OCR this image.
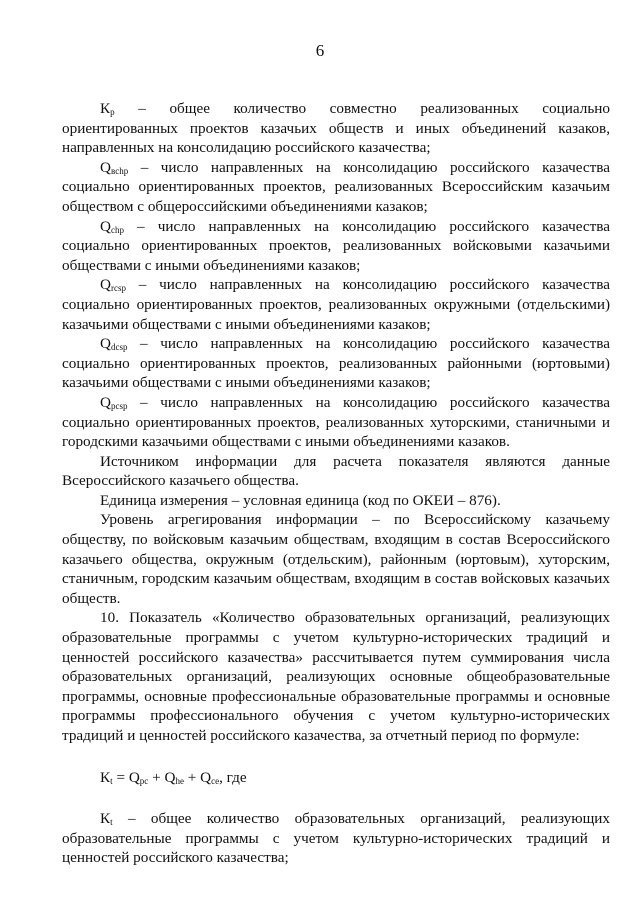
6

$К_р$ – общее количество совместно реализованных социально ориентированных проектов казачьих обществ и иных объединений казаков, направленных на консолидацию российского казачества;

$Q_{вchp}$ – число направленных на консолидацию российского казачества социально ориентированных проектов, реализованных Всероссийским казачьим обществом с общероссийскими объединениями казаков;

$Q_{chp}$ – число направленных на консолидацию российского казачества социально ориентированных проектов, реализованных войсковыми казачьими обществами с иными объединениями казаков;

$Q_{rcsp}$ – число направленных на консолидацию российского казачества социально ориентированных проектов, реализованных окружными (отдельскими) казачьими обществами с иными объединениями казаков;

$Q_{dcsp}$ – число направленных на консолидацию российского казачества социально ориентированных проектов, реализованных районными (юртовыми) казачьими обществами с иными объединениями казаков;

$Q_{pcsp}$ – число направленных на консолидацию российского казачества социально ориентированных проектов, реализованных хуторскими, станичными и городскими казачьими обществами с иными объединениями казаков.

Источником информации для расчета показателя являются данные Всероссийского казачьего общества.

Единица измерения – условная единица (код по ОКЕИ – 876).

Уровень агрегирования информации – по Всероссийскому казачьему обществу, по войсковым казачьим обществам, входящим в состав Всероссийского казачьего общества, окружным (отдельским), районным (юртовым), хуторским, станичным, городским казачьим обществам, входящим в состав войсковых казачьих обществ.

10. Показатель «Количество образовательных организаций, реализующих образовательные программы с учетом культурно-исторических традиций и ценностей российского казачества» рассчитывается путем суммирования числа образовательных организаций, реализующих основные общеобразовательные программы, основные профессиональные образовательные программы и основные программы профессионального обучения с учетом культурно-исторических традиций и ценностей российского казачества, за отчетный период по формуле:

$К_t = Q_{pc} + Q_{he} + Q_{ce}$, где

$К_t$ – общее количество образовательных организаций, реализующих образовательные программы с учетом культурно-исторических традиций и ценностей российского казачества;
